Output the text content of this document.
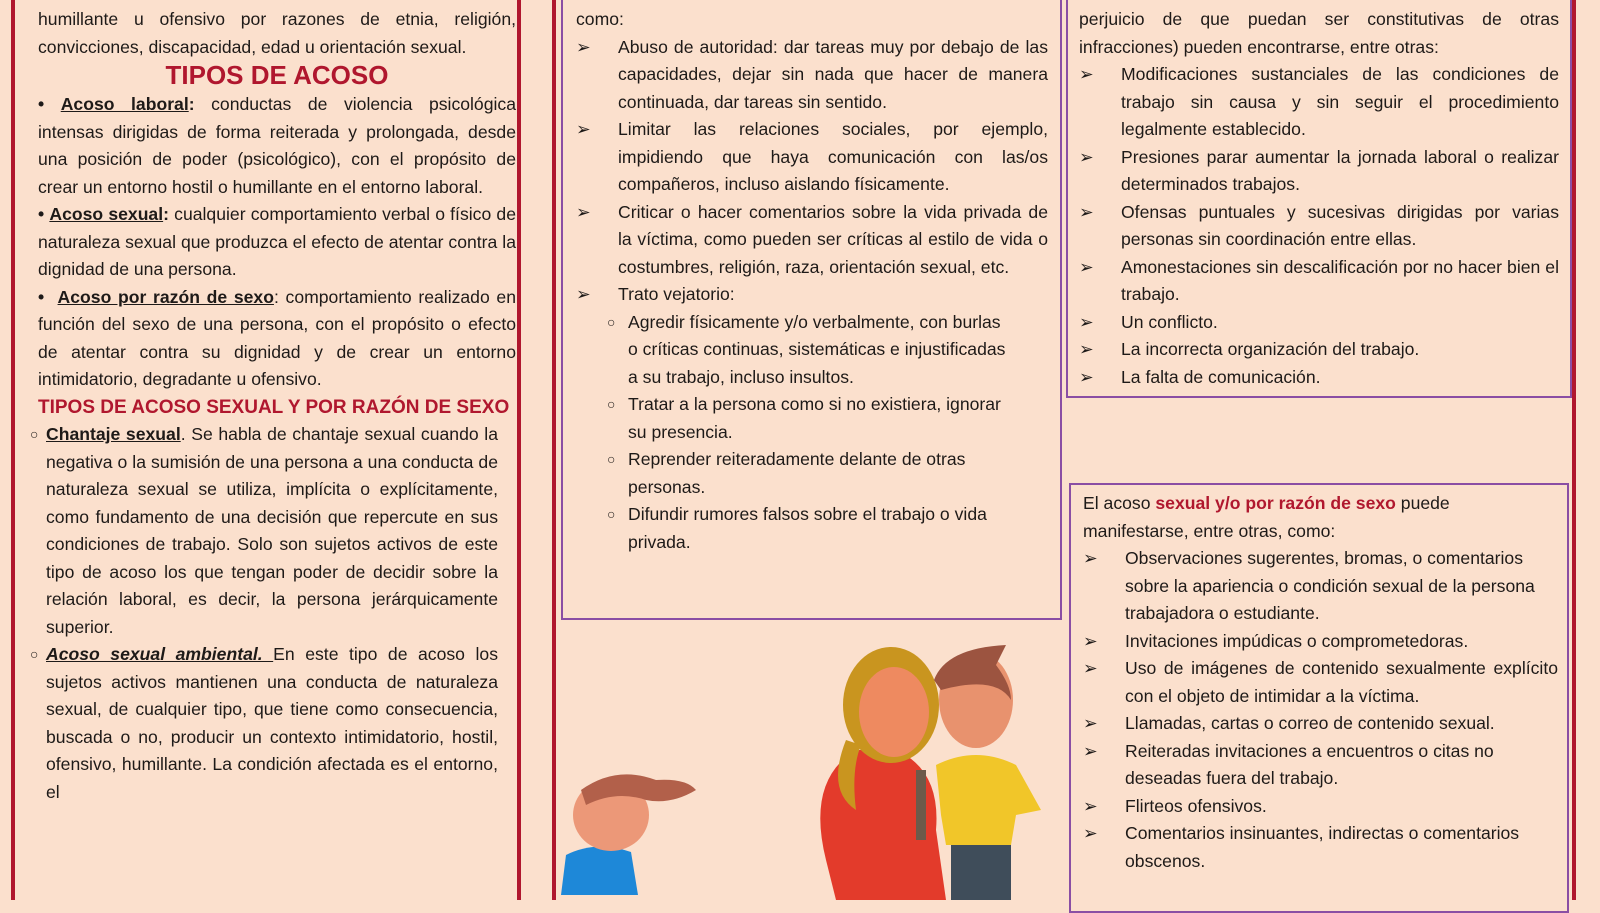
humillante u ofensivo por razones de etnia, religión, convicciones, discapacidad, edad u orientación sexual.

TIPOS DE ACOSO
• Acoso laboral: conductas de violencia psicológica intensas dirigidas de forma reiterada y prolongada, desde una posición de poder (psicológico), con el propósito de crear un entorno hostil o humillante en el entorno laboral.
• Acoso sexual: cualquier comportamiento verbal o físico de naturaleza sexual que produzca el efecto de atentar contra la dignidad de una persona.
• Acoso por razón de sexo: comportamiento realizado en función del sexo de una persona, con el propósito o efecto de atentar contra su dignidad y de crear un entorno intimidatorio, degradante u ofensivo.
TIPOS DE ACOSO SEXUAL Y POR RAZÓN DE SEXO
○ Chantaje sexual. Se habla de chantaje sexual cuando la negativa o la sumisión de una persona a una conducta de naturaleza sexual se utiliza, implícita o explícitamente, como fundamento de una decisión que repercute en sus condiciones de trabajo. Solo son sujetos activos de este tipo de acoso los que tengan poder de decidir sobre la relación laboral, es decir, la persona jerárquicamente superior.
○ Acoso sexual ambiental. En este tipo de acoso los sujetos activos mantienen una conducta de naturaleza sexual, de cualquier tipo, que tiene como consecuencia, buscada o no, producir un contexto intimidatorio, hostil, ofensivo, humillante. La condición afectada es el entorno, el

como:

➢ Abuso de autoridad: dar tareas muy por debajo de las capacidades, dejar sin nada que hacer de manera continuada, dar tareas sin sentido.
➢ Limitar las relaciones sociales, por ejemplo, impidiendo que haya comunicación con las/os compañeros, incluso aislando físicamente.
➢ Criticar o hacer comentarios sobre la vida privada de la víctima, como pueden ser críticas al estilo de vida o costumbres, religión, raza, orientación sexual, etc.
➢ Trato vejatorio:
○ Agredir físicamente y/o verbalmente, con burlas o críticas continuas, sistemáticas e injustificadas a su trabajo, incluso insultos.
○ Tratar a la persona como si no existiera, ignorar su presencia.
○ Reprender reiteradamente delante de otras personas.
○ Difundir rumores falsos sobre el trabajo o vida privada.

perjuicio de que puedan ser constitutivas de otras infracciones) pueden encontrarse, entre otras:

➢ Modificaciones sustanciales de las condiciones de trabajo sin causa y sin seguir el procedimiento legalmente establecido.
➢ Presiones parar aumentar la jornada laboral o realizar determinados trabajos.
➢ Ofensas puntuales y sucesivas dirigidas por varias personas sin coordinación entre ellas.
➢ Amonestaciones sin descalificación por no hacer bien el trabajo.
➢ Un conflicto.
➢ La incorrecta organización del trabajo.
➢ La falta de comunicación.

El acoso sexual y/o por razón de sexo puede manifestarse, entre otras, como:

➢ Observaciones sugerentes, bromas, o comentarios sobre la apariencia o condición sexual de la persona trabajadora o estudiante.
➢ Invitaciones impúdicas o comprometedoras.
➢ Uso de imágenes de contenido sexualmente explícito con el objeto de intimidar a la víctima.
➢ Llamadas, cartas o correo de contenido sexual.
➢ Reiteradas invitaciones a encuentros o citas no deseadas fuera del trabajo.
➢ Flirteos ofensivos.
➢ Comentarios insinuantes, indirectas o comentarios obscenos.
